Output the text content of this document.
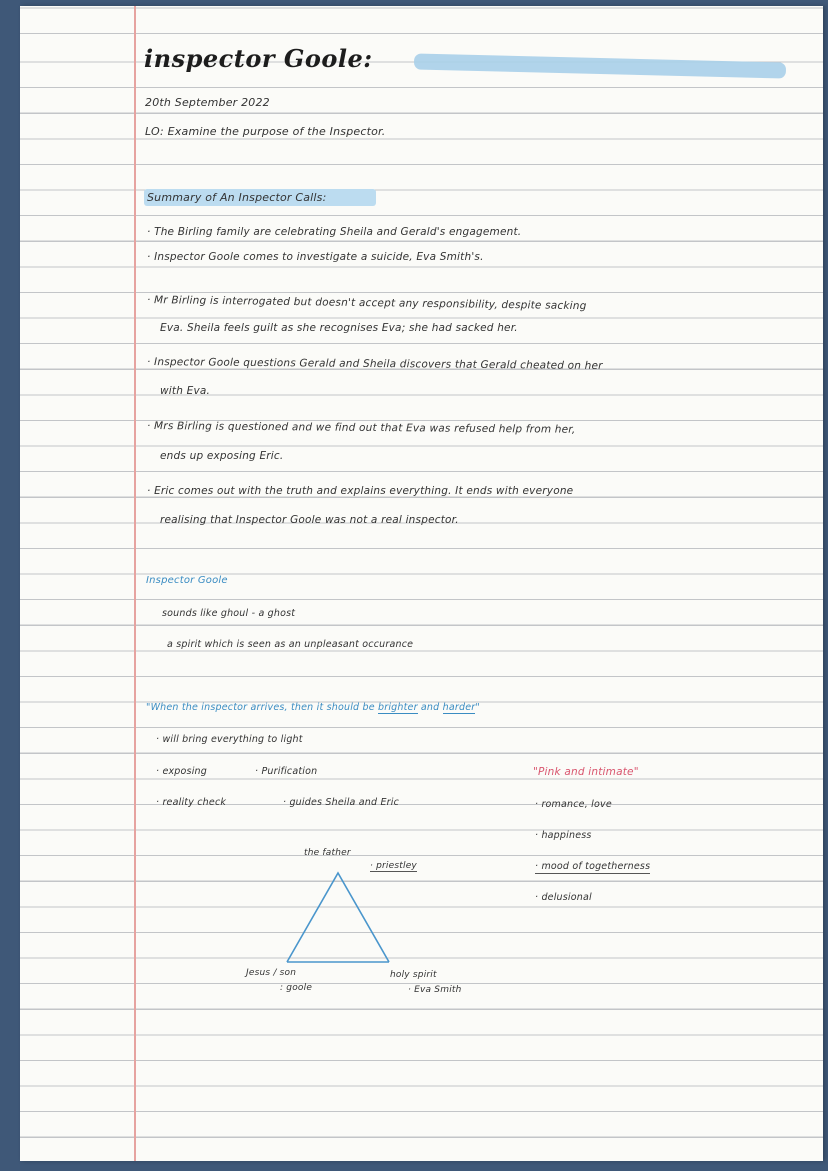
inspector Goole:
20th September 2022
LO: Examine the purpose of the Inspector.
Summary of An Inspector Calls:
· The Birling family are celebrating Sheila and Gerald's engagement.
· Inspector Goole comes to investigate a suicide, Eva Smith's.
· Mr Birling is interrogated but doesn't accept any responsibility, despite sacking
Eva. Sheila feels guilt as she recognises Eva; she had sacked her.
· Inspector Goole questions Gerald and Sheila discovers that Gerald cheated on her
with Eva.
· Mrs Birling is questioned and we find out that Eva was refused help from her,
ends up exposing Eric.
· Eric comes out with the truth and explains everything. It ends with everyone
realising that Inspector Goole was not a real inspector.
Inspector Goole
sounds like ghoul - a ghost
a spirit which is seen as an unpleasant occurance
"When the inspector arrives, then it should be brighter and harder"
· will bring everything to light
· exposing	· Purification
· reality check	· guides Sheila and Eric
"Pink and intimate"
· romance, love
· happiness
· mood of togetherness
· delusional
the father
· priestley
Jesus / son
: goole
holy spirit
· Eva Smith
